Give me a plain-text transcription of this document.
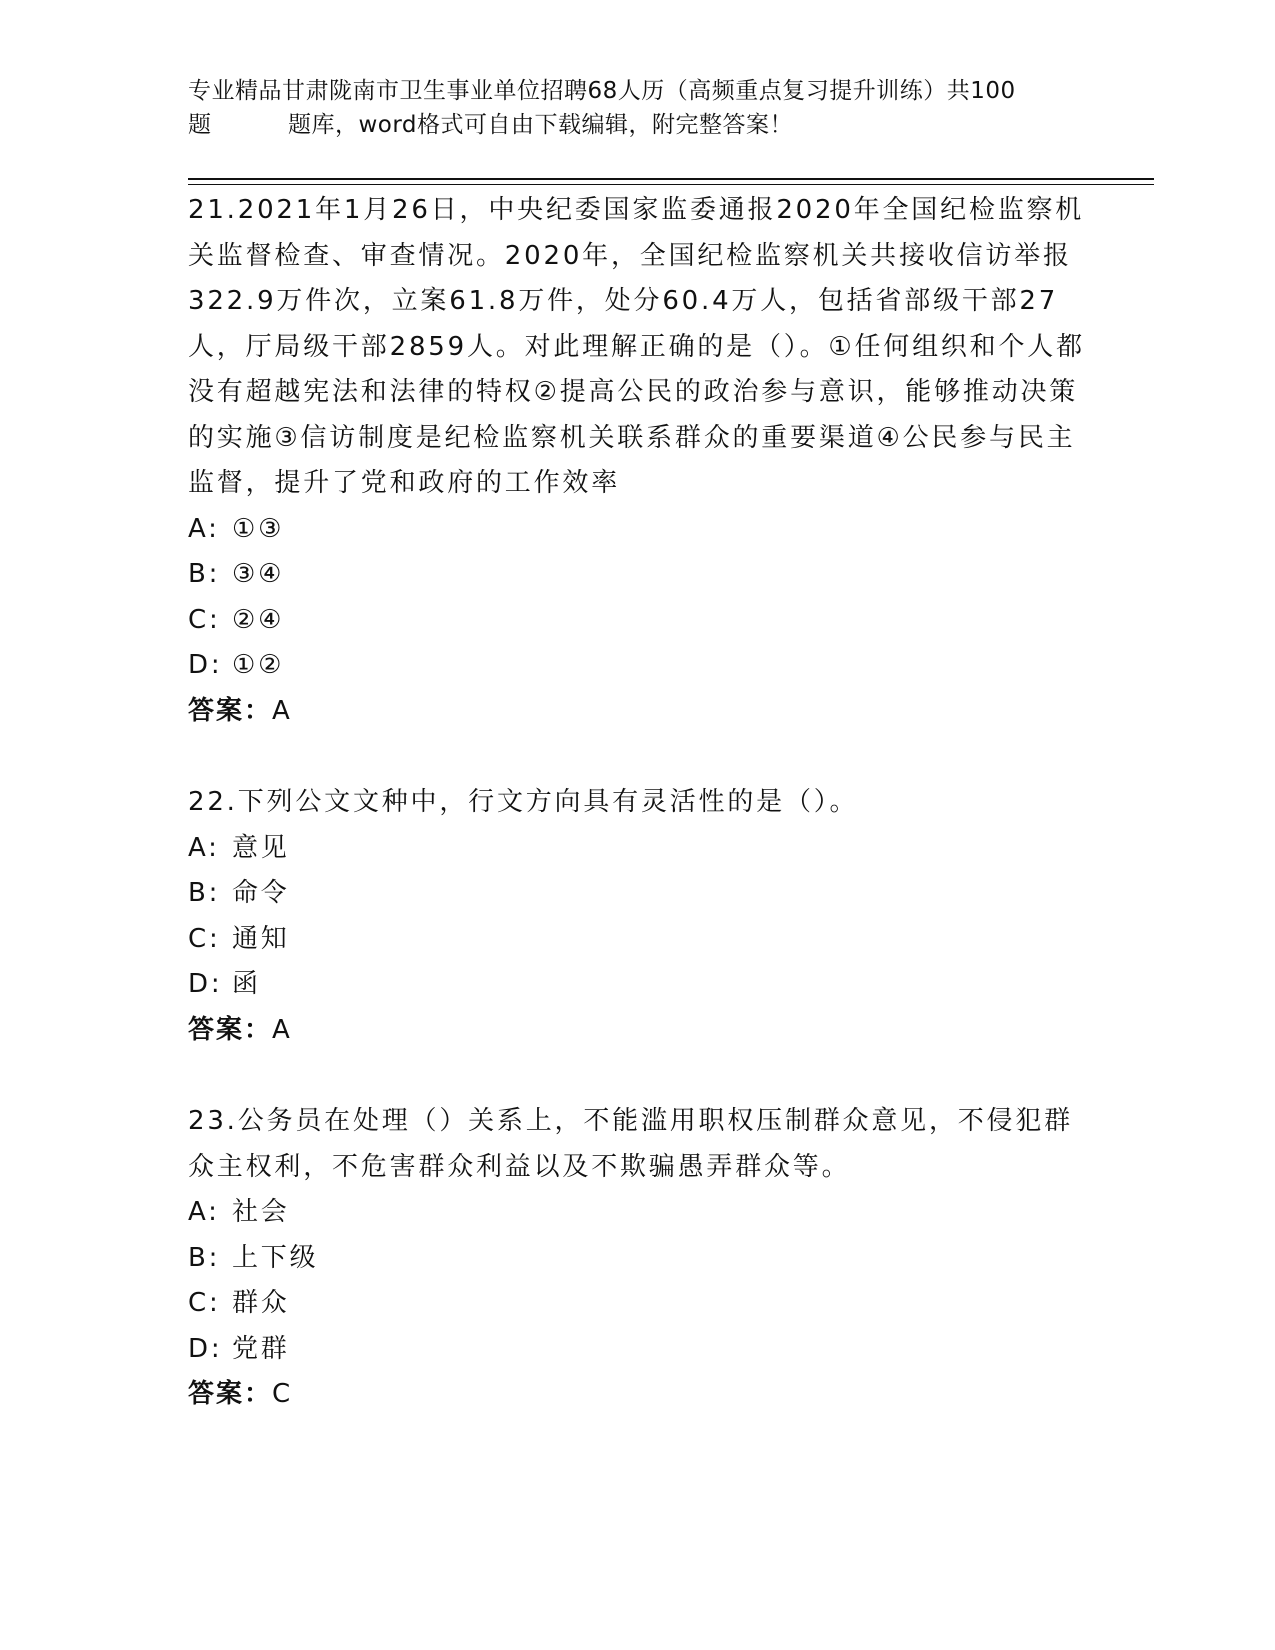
专业精品甘肃陇南市卫生事业单位招聘68人历（高频重点复习提升训练）共100
题	题库，word格式可自由下载编辑，附完整答案！

21.2021年1月26日，中央纪委国家监委通报2020年全国纪检监察机关监督检查、审查情况。2020年，全国纪检监察机关共接收信访举报322.9万件次，立案61.8万件，处分60.4万人，包括省部级干部27人，厅局级干部2859人。对此理解正确的是（）。①任何组织和个人都没有超越宪法和法律的特权②提高公民的政治参与意识，能够推动决策的实施③信访制度是纪检监察机关联系群众的重要渠道④公民参与民主监督，提升了党和政府的工作效率

A: ①③
B: ③④
C: ②④
D: ①②
答案：A

22.下列公文文种中，行文方向具有灵活性的是（）。

A: 意见
B: 命令
C: 通知
D: 函
答案：A

23.公务员在处理（）关系上，不能滥用职权压制群众意见，不侵犯群众主权利，不危害群众利益以及不欺骗愚弄群众等。

A: 社会
B: 上下级
C: 群众
D: 党群
答案：C
